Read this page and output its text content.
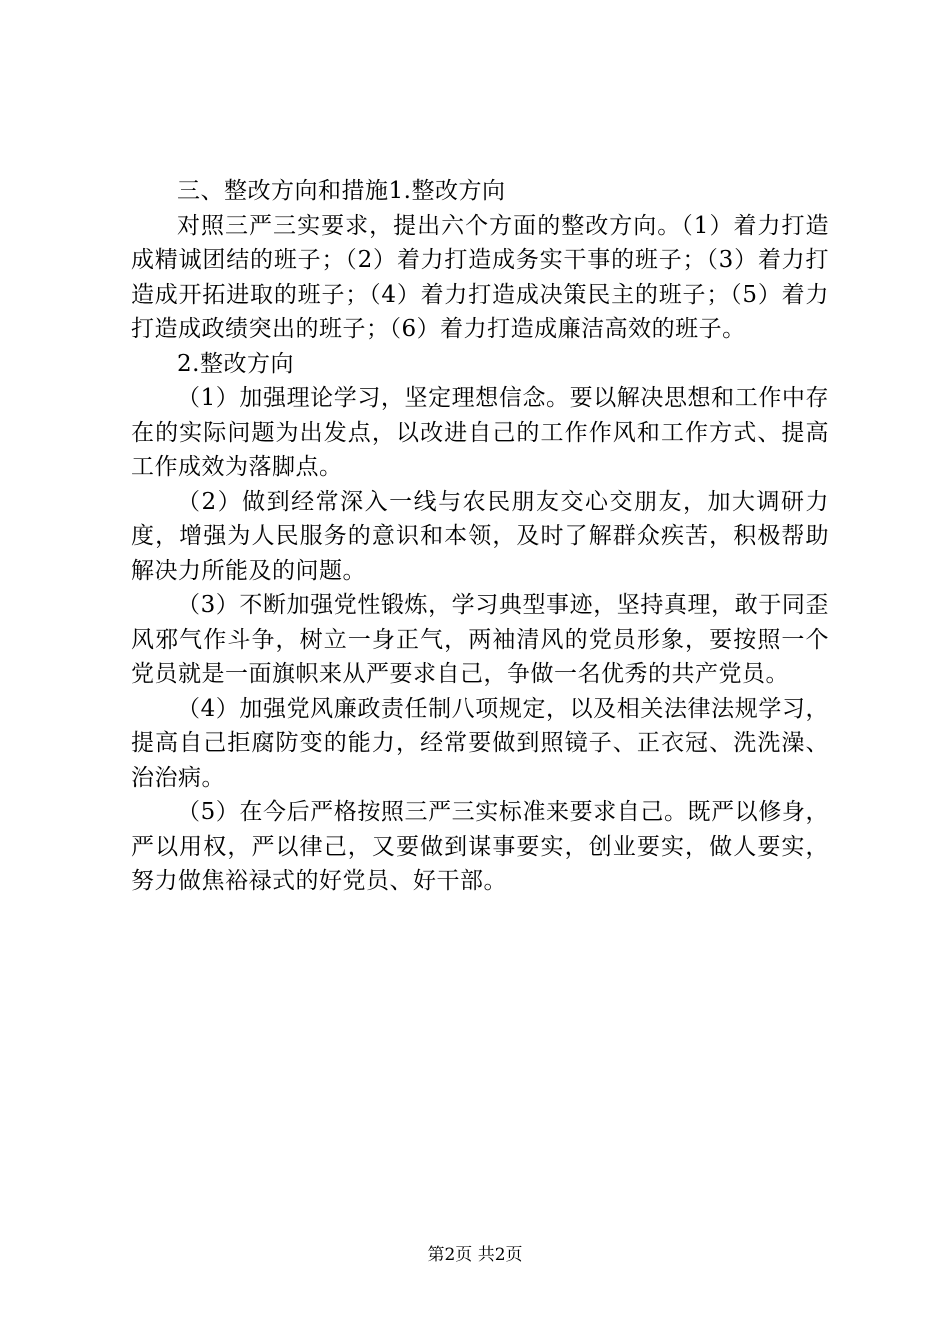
三、整改方向和措施1.整改方向

对照三严三实要求，提出六个方面的整改方向。（1）着力打造成精诚团结的班子；（2）着力打造成务实干事的班子；（3）着力打造成开拓进取的班子；（4）着力打造成决策民主的班子；（5）着力打造成政绩突出的班子；（6）着力打造成廉洁高效的班子。

2.整改方向

（1）加强理论学习，坚定理想信念。要以解决思想和工作中存在的实际问题为出发点，以改进自己的工作作风和工作方式、提高工作成效为落脚点。

（2）做到经常深入一线与农民朋友交心交朋友，加大调研力度，增强为人民服务的意识和本领，及时了解群众疾苦，积极帮助解决力所能及的问题。

（3）不断加强党性锻炼，学习典型事迹，坚持真理，敢于同歪风邪气作斗争，树立一身正气，两袖清风的党员形象，要按照一个党员就是一面旗帜来从严要求自己，争做一名优秀的共产党员。

（4）加强党风廉政责任制八项规定，以及相关法律法规学习，提高自己拒腐防变的能力，经常要做到照镜子、正衣冠、洗洗澡、治治病。

（5）在今后严格按照三严三实标准来要求自己。既严以修身，严以用权，严以律己，又要做到谋事要实，创业要实，做人要实，努力做焦裕禄式的好党员、好干部。

第2页 共2页
